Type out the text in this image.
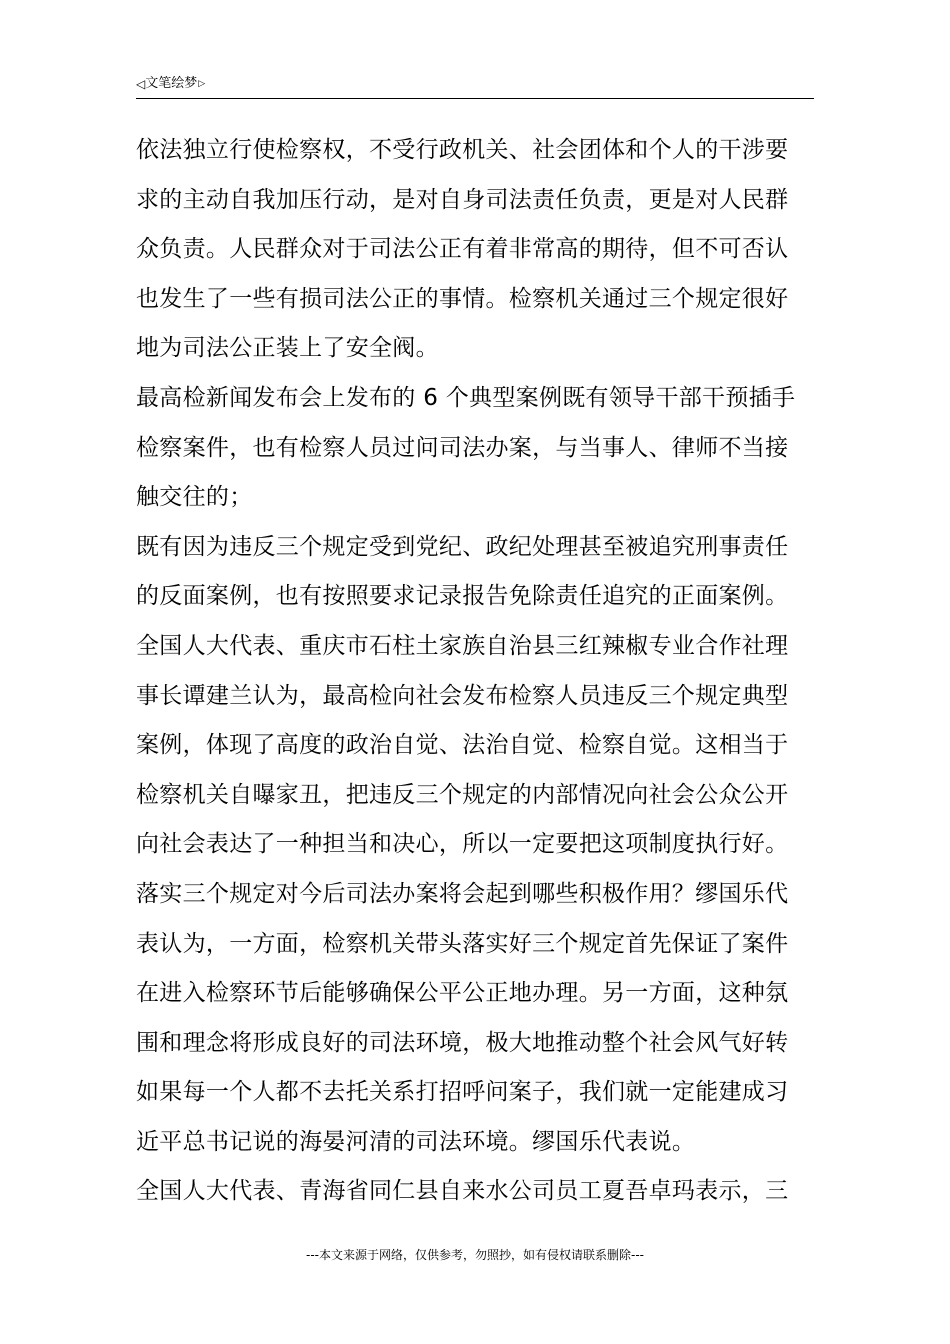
◁文笔绘梦▷

依法独立行使检察权，不受行政机关、社会团体和个人的干涉要
求的主动自我加压行动，是对自身司法责任负责，更是对人民群
众负责。人民群众对于司法公正有着非常高的期待，但不可否认
也发生了一些有损司法公正的事情。检察机关通过三个规定很好
地为司法公正装上了安全阀。

最高检新闻发布会上发布的 6 个典型案例既有领导干部干预插手
检察案件，也有检察人员过问司法办案，与当事人、律师不当接
触交往的；

既有因为违反三个规定受到党纪、政纪处理甚至被追究刑事责任
的反面案例，也有按照要求记录报告免除责任追究的正面案例。

全国人大代表、重庆市石柱土家族自治县三红辣椒专业合作社理
事长谭建兰认为，最高检向社会发布检察人员违反三个规定典型
案例，体现了高度的政治自觉、法治自觉、检察自觉。这相当于
检察机关自曝家丑，把违反三个规定的内部情况向社会公众公开
向社会表达了一种担当和决心，所以一定要把这项制度执行好。

落实三个规定对今后司法办案将会起到哪些积极作用？缪国乐代
表认为，一方面，检察机关带头落实好三个规定首先保证了案件
在进入检察环节后能够确保公平公正地办理。另一方面，这种氛
围和理念将形成良好的司法环境，极大地推动整个社会风气好转
如果每一个人都不去托关系打招呼问案子，我们就一定能建成习
近平总书记说的海晏河清的司法环境。缪国乐代表说。

全国人大代表、青海省同仁县自来水公司员工夏吾卓玛表示，三

---本文来源于网络，仅供参考，勿照抄，如有侵权请联系删除---
